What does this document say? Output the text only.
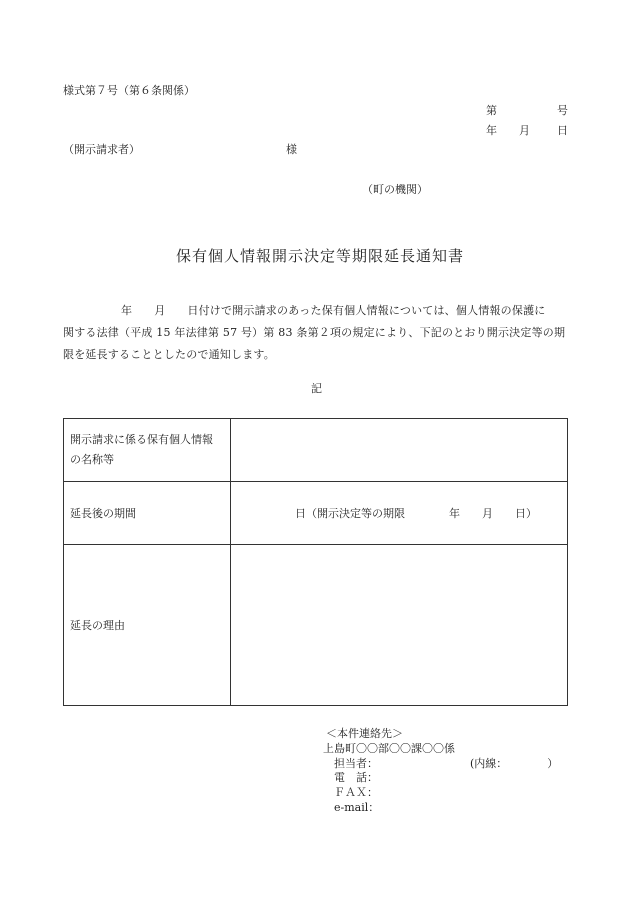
様式第７号（第６条関係）
第	号
年 月 日
（開示請求者）	様
（町の機関）
保有個人情報開示決定等期限延長通知書
年 月 日付けで開示請求のあった保有個人情報については、個人情報の保護に
関する法律（平成 15 年法律第 57 号）第 83 条第２項の規定により、下記のとおり開示決定等の期
限を延長することとしたので通知します。
記
開示請求に係る保有個人情報
の名称等	

延長後の期間	日（開示決定等の期限 年 月 日）
延長の理由	
＜本件連絡先＞
上島町〇〇部〇〇課〇〇係
担当者：	(内線：	）
電　話：
ＦＡＸ：
e-mail：
